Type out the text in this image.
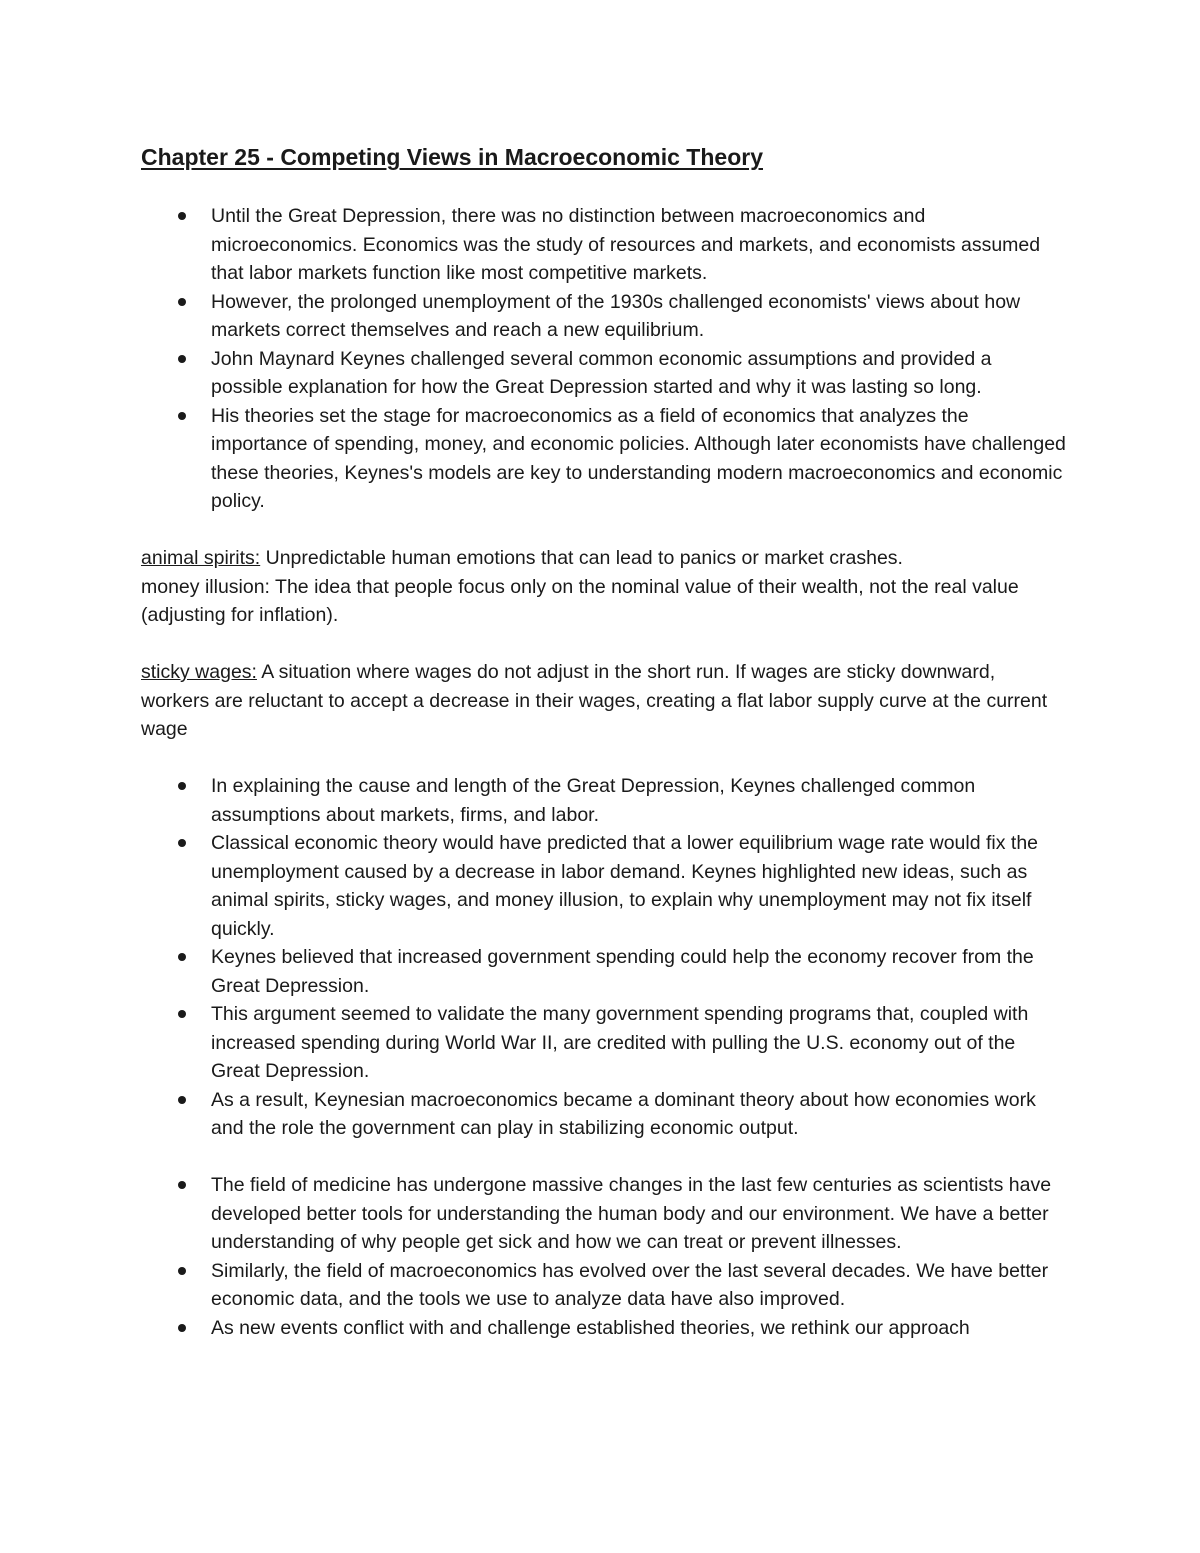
Chapter 25 - Competing Views in Macroeconomic Theory
Until the Great Depression, there was no distinction between macroeconomics and microeconomics. Economics was the study of resources and markets, and economists assumed that labor markets function like most competitive markets.
However, the prolonged unemployment of the 1930s challenged economists' views about how markets correct themselves and reach a new equilibrium.
John Maynard Keynes challenged several common economic assumptions and provided a possible explanation for how the Great Depression started and why it was lasting so long.
His theories set the stage for macroeconomics as a field of economics that analyzes the importance of spending, money, and economic policies. Although later economists have challenged these theories, Keynes's models are key to understanding modern macroeconomics and economic policy.

animal spirits: Unpredictable human emotions that can lead to panics or market crashes.

money illusion: The idea that people focus only on the nominal value of their wealth, not the real value (adjusting for inflation).

sticky wages: A situation where wages do not adjust in the short run. If wages are sticky downward, workers are reluctant to accept a decrease in their wages, creating a flat labor supply curve at the current wage

In explaining the cause and length of the Great Depression, Keynes challenged common assumptions about markets, firms, and labor.
Classical economic theory would have predicted that a lower equilibrium wage rate would fix the unemployment caused by a decrease in labor demand. Keynes highlighted new ideas, such as animal spirits, sticky wages, and money illusion, to explain why unemployment may not fix itself quickly.
Keynes believed that increased government spending could help the economy recover from the Great Depression.
This argument seemed to validate the many government spending programs that, coupled with increased spending during World War II, are credited with pulling the U.S. economy out of the Great Depression.
As a result, Keynesian macroeconomics became a dominant theory about how economies work and the role the government can play in stabilizing economic output.
The field of medicine has undergone massive changes in the last few centuries as scientists have developed better tools for understanding the human body and our environment. We have a better understanding of why people get sick and how we can treat or prevent illnesses.
Similarly, the field of macroeconomics has evolved over the last several decades. We have better economic data, and the tools we use to analyze data have also improved.
As new events conflict with and challenge established theories, we rethink our approach
